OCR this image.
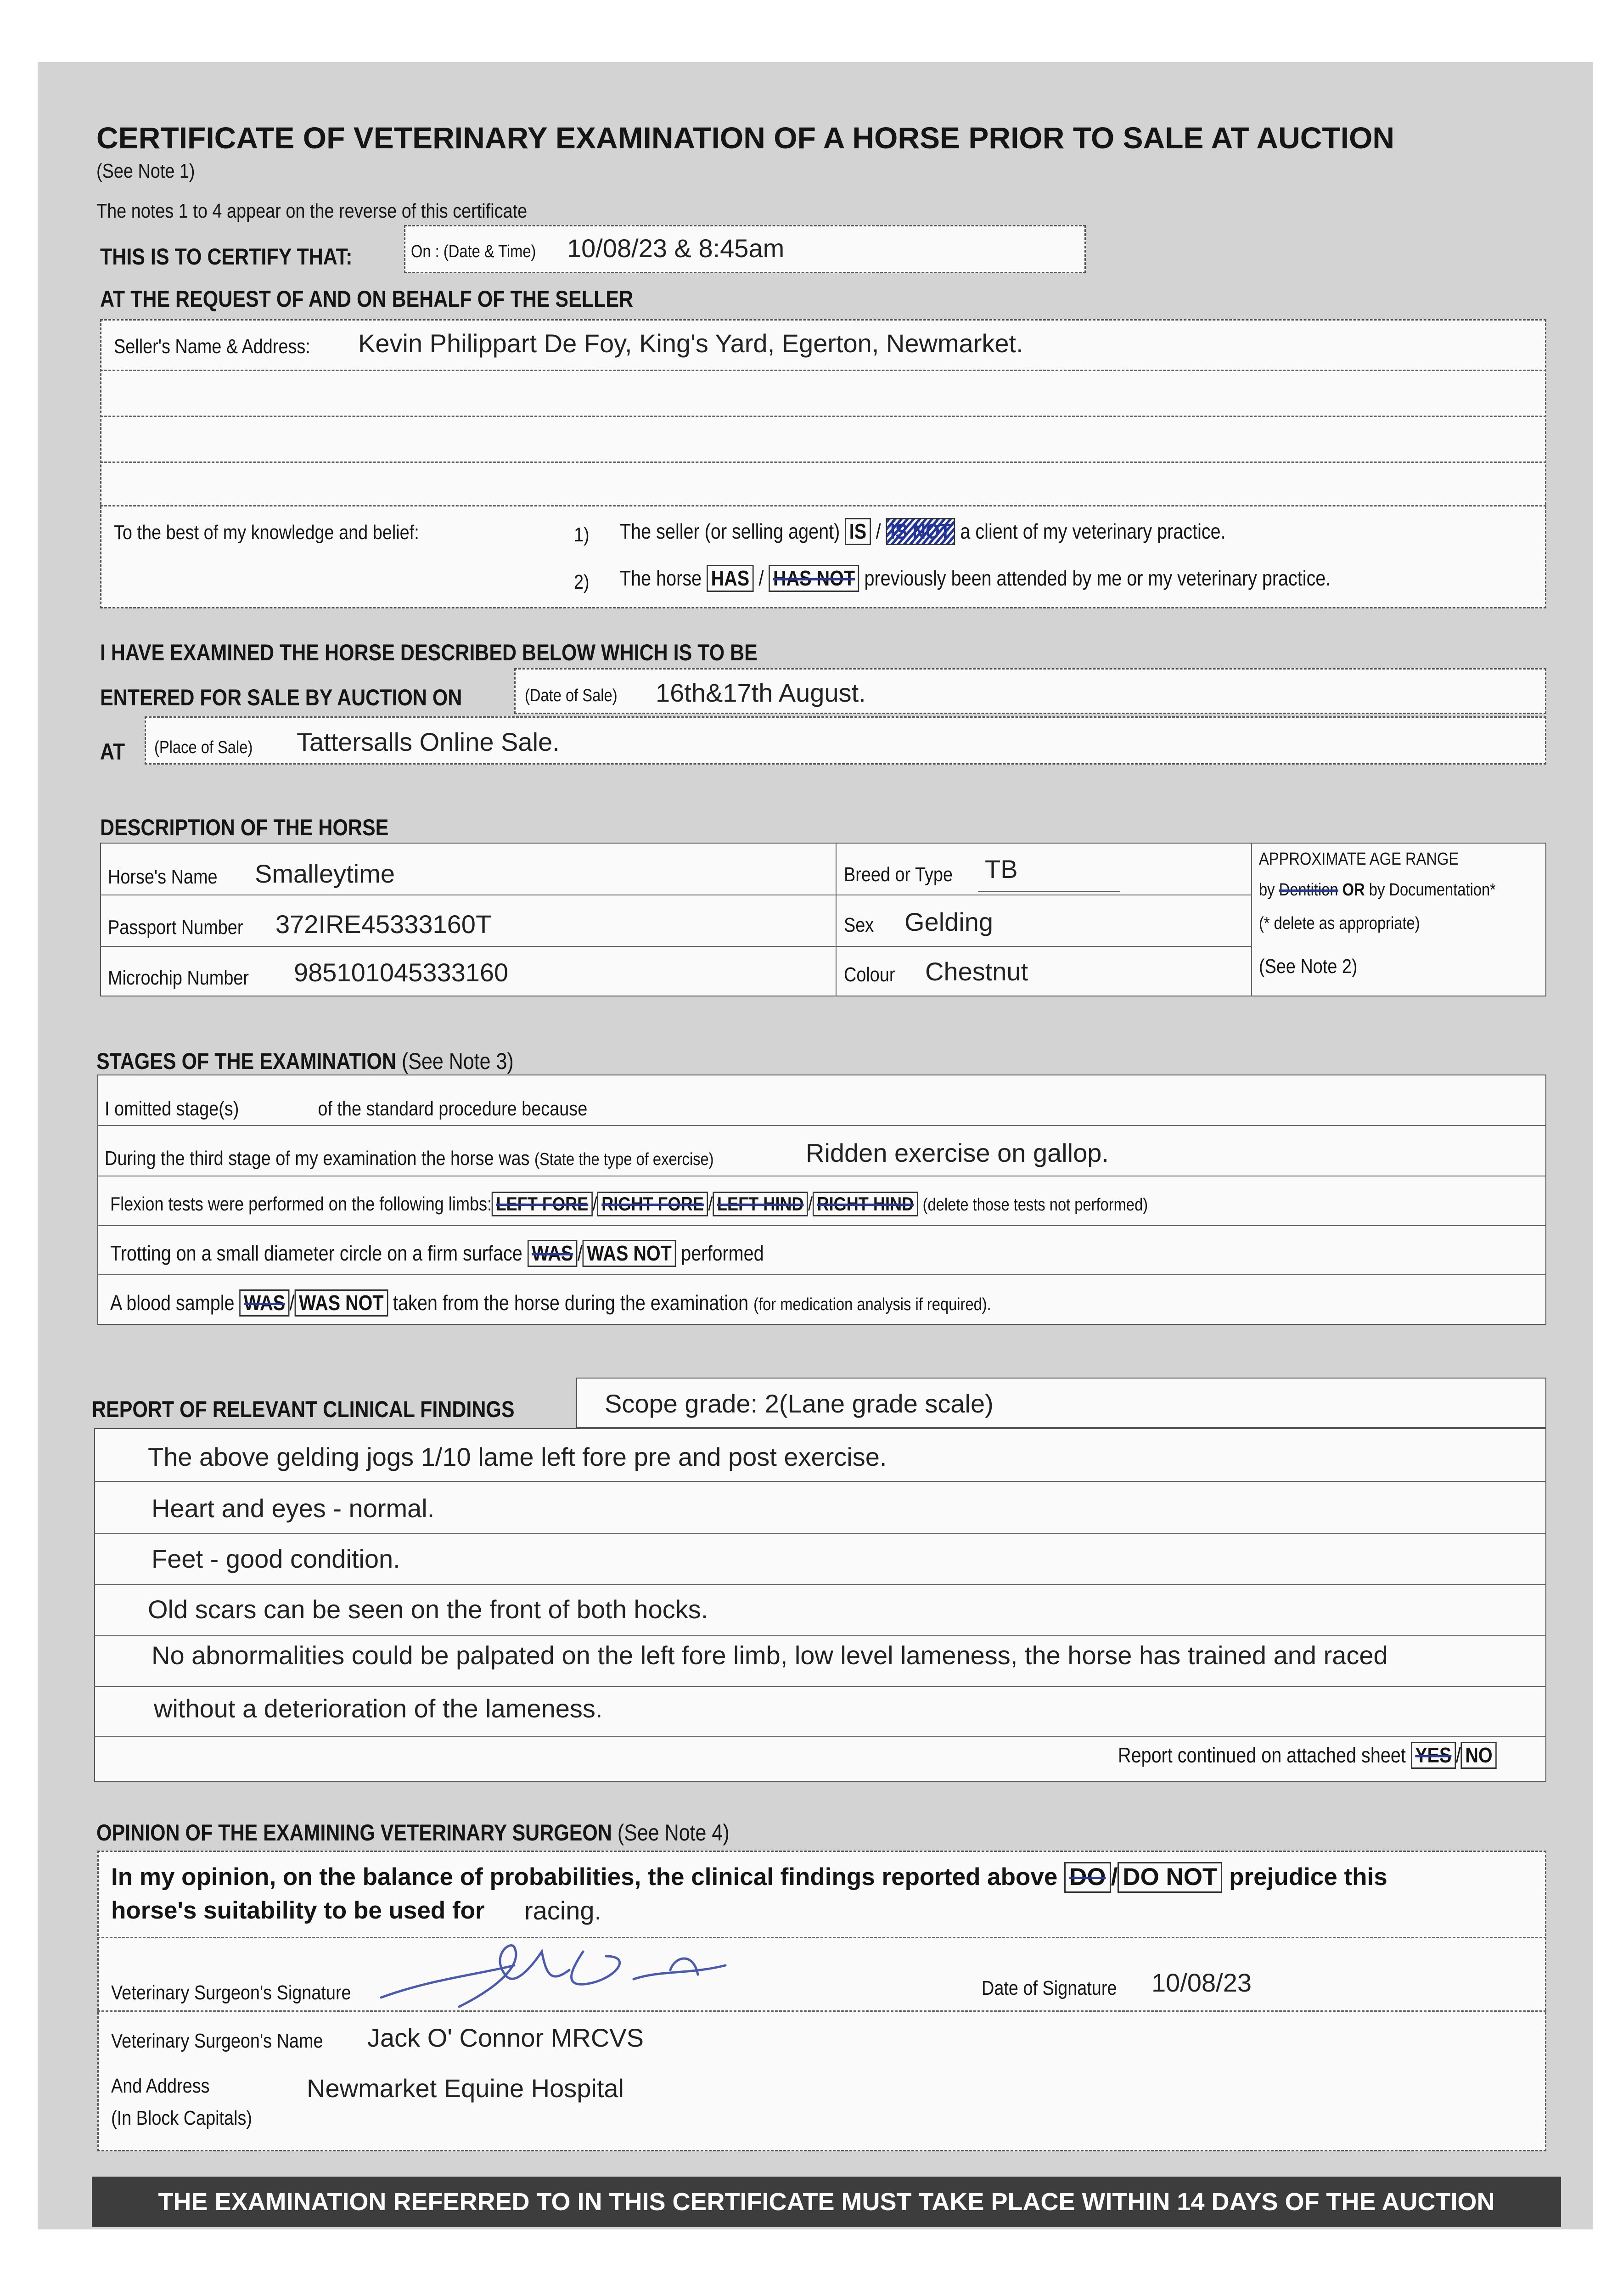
CERTIFICATE OF VETERINARY EXAMINATION OF A HORSE PRIOR TO SALE AT AUCTION
(See Note 1)
The notes 1 to 4 appear on the reverse of this certificate
THIS IS TO CERTIFY THAT:	On : (Date & Time) 10/08/23 & 8:45am
AT THE REQUEST OF AND ON BEHALF OF THE SELLER
Seller's Name & Address: Kevin Philippart De Foy, King's Yard, Egerton, Newmarket.
To the best of my knowledge and belief:	1) The seller (or selling agent) IS / IS NOT a client of my veterinary practice.
2) The horse HAS / HAS NOT previously been attended by me or my veterinary practice.
I HAVE EXAMINED THE HORSE DESCRIBED BELOW WHICH IS TO BE
ENTERED FOR SALE BY AUCTION ON	(Date of Sale) 16th&17th August.
AT (Place of Sale) Tattersalls Online Sale.
DESCRIPTION OF THE HORSE
Horse's Name Smalleytime
Passport Number 372IRE45333160T
Microchip Number 985101045333160
Breed or Type TB
Sex Gelding
Colour Chestnut
APPROXIMATE AGE RANGE
by Dentition OR by Documentation*
(* delete as appropriate)
(See Note 2)
STAGES OF THE EXAMINATION (See Note 3)
I omitted stage(s)	of the standard procedure because
During the third stage of my examination the horse was (State the type of exercise)	Ridden exercise on gallop.
Flexion tests were performed on the following limbs: LEFT FORE / RIGHT FORE / LEFT HIND / RIGHT HIND (delete those tests not performed)
Trotting on a small diameter circle on a firm surface WAS / WAS NOT performed
A blood sample WAS / WAS NOT taken from the horse during the examination (for medication analysis if required).
REPORT OF RELEVANT CLINICAL FINDINGS	Scope grade: 2(Lane grade scale)
The above gelding jogs 1/10 lame left fore pre and post exercise.
Heart and eyes - normal.
Feet - good condition.
Old scars can be seen on the front of both hocks.
No abnormalities could be palpated on the left fore limb, low level lameness, the horse has trained and raced
without a deterioration of the lameness.
Report continued on attached sheet YES / NO
OPINION OF THE EXAMINING VETERINARY SURGEON (See Note 4)
In my opinion, on the balance of probabilities, the clinical findings reported above DO / DO NOT prejudice this
horse's suitability to be used for racing.
Veterinary Surgeon's Signature	Date of Signature 10/08/23
Veterinary Surgeon's Name Jack O' Connor MRCVS
And Address
(In Block Capitals)
Newmarket Equine Hospital
THE EXAMINATION REFERRED TO IN THIS CERTIFICATE MUST TAKE PLACE WITHIN 14 DAYS OF THE AUCTION
